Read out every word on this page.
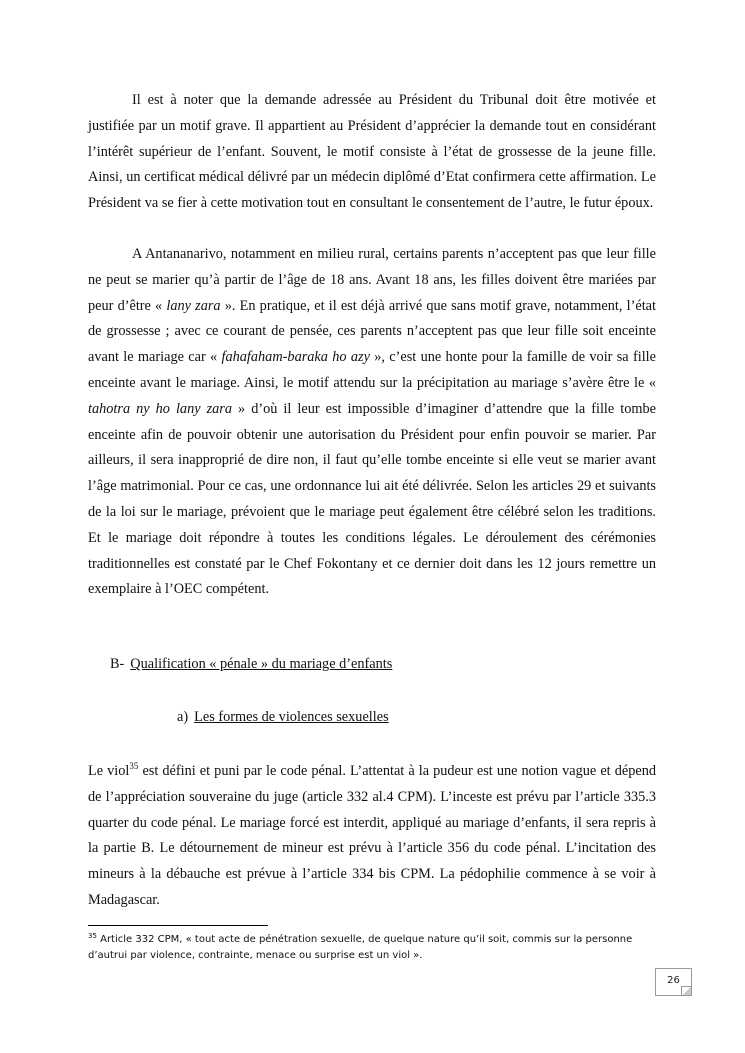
Il est à noter que la demande adressée au Président du Tribunal doit être motivée et justifiée par un motif grave. Il appartient au Président d’apprécier la demande tout en considérant l’intérêt supérieur de l’enfant. Souvent, le motif consiste à l’état de grossesse de la jeune fille. Ainsi, un certificat médical délivré par un médecin diplômé d’Etat confirmera cette affirmation. Le Président va se fier à cette motivation tout en consultant le consentement de l’autre, le futur époux.

A Antananarivo, notamment en milieu rural, certains parents n’acceptent pas que leur fille ne peut se marier qu’à partir de l’âge de 18 ans. Avant 18 ans, les filles doivent être mariées par peur d’être « lany zara ». En pratique, et il est déjà arrivé que sans motif grave, notamment, l’état de grossesse ; avec ce courant de pensée, ces parents n’acceptent pas que leur fille soit enceinte avant le mariage car « fahafaham-baraka ho azy », c’est une honte pour la famille de voir sa fille enceinte avant le mariage. Ainsi, le motif attendu sur la précipitation au mariage s’avère être le « tahotra ny ho lany zara » d’où il leur est impossible d’imaginer d’attendre que la fille tombe enceinte afin de pouvoir obtenir une autorisation du Président pour enfin pouvoir se marier. Par ailleurs, il sera inapproprié de dire non, il faut qu’elle tombe enceinte si elle veut se marier avant l’âge matrimonial. Pour ce cas, une ordonnance lui ait été délivrée. Selon les articles 29 et suivants de la loi sur le mariage, prévoient que le mariage peut également être célébré selon les traditions. Et le mariage doit répondre à toutes les conditions légales. Le déroulement des cérémonies traditionnelles est constaté par le Chef Fokontany et ce dernier doit dans les 12 jours remettre un exemplaire à l’OEC compétent.

B- Qualification « pénale » du mariage d’enfants
a) Les formes de violences sexuelles

Le viol$^{35}$ est défini et puni par le code pénal. L’attentat à la pudeur est une notion vague et dépend de l’appréciation souveraine du juge (article 332 al.4 CPM). L’inceste est prévu par l’article 335.3 quarter du code pénal. Le mariage forcé est interdit, appliqué au mariage d’enfants, il sera repris à la partie B. Le détournement de mineur est prévu à l’article 356 du code pénal. L’incitation des mineurs à la débauche est prévue à l’article 334 bis CPM. La pédophilie commence à se voir à Madagascar.

$^{35}$ Article 332 CPM, « tout acte de pénétration sexuelle, de quelque nature qu’il soit, commis sur la personne d’autrui par violence, contrainte, menace ou surprise est un viol ».
26
